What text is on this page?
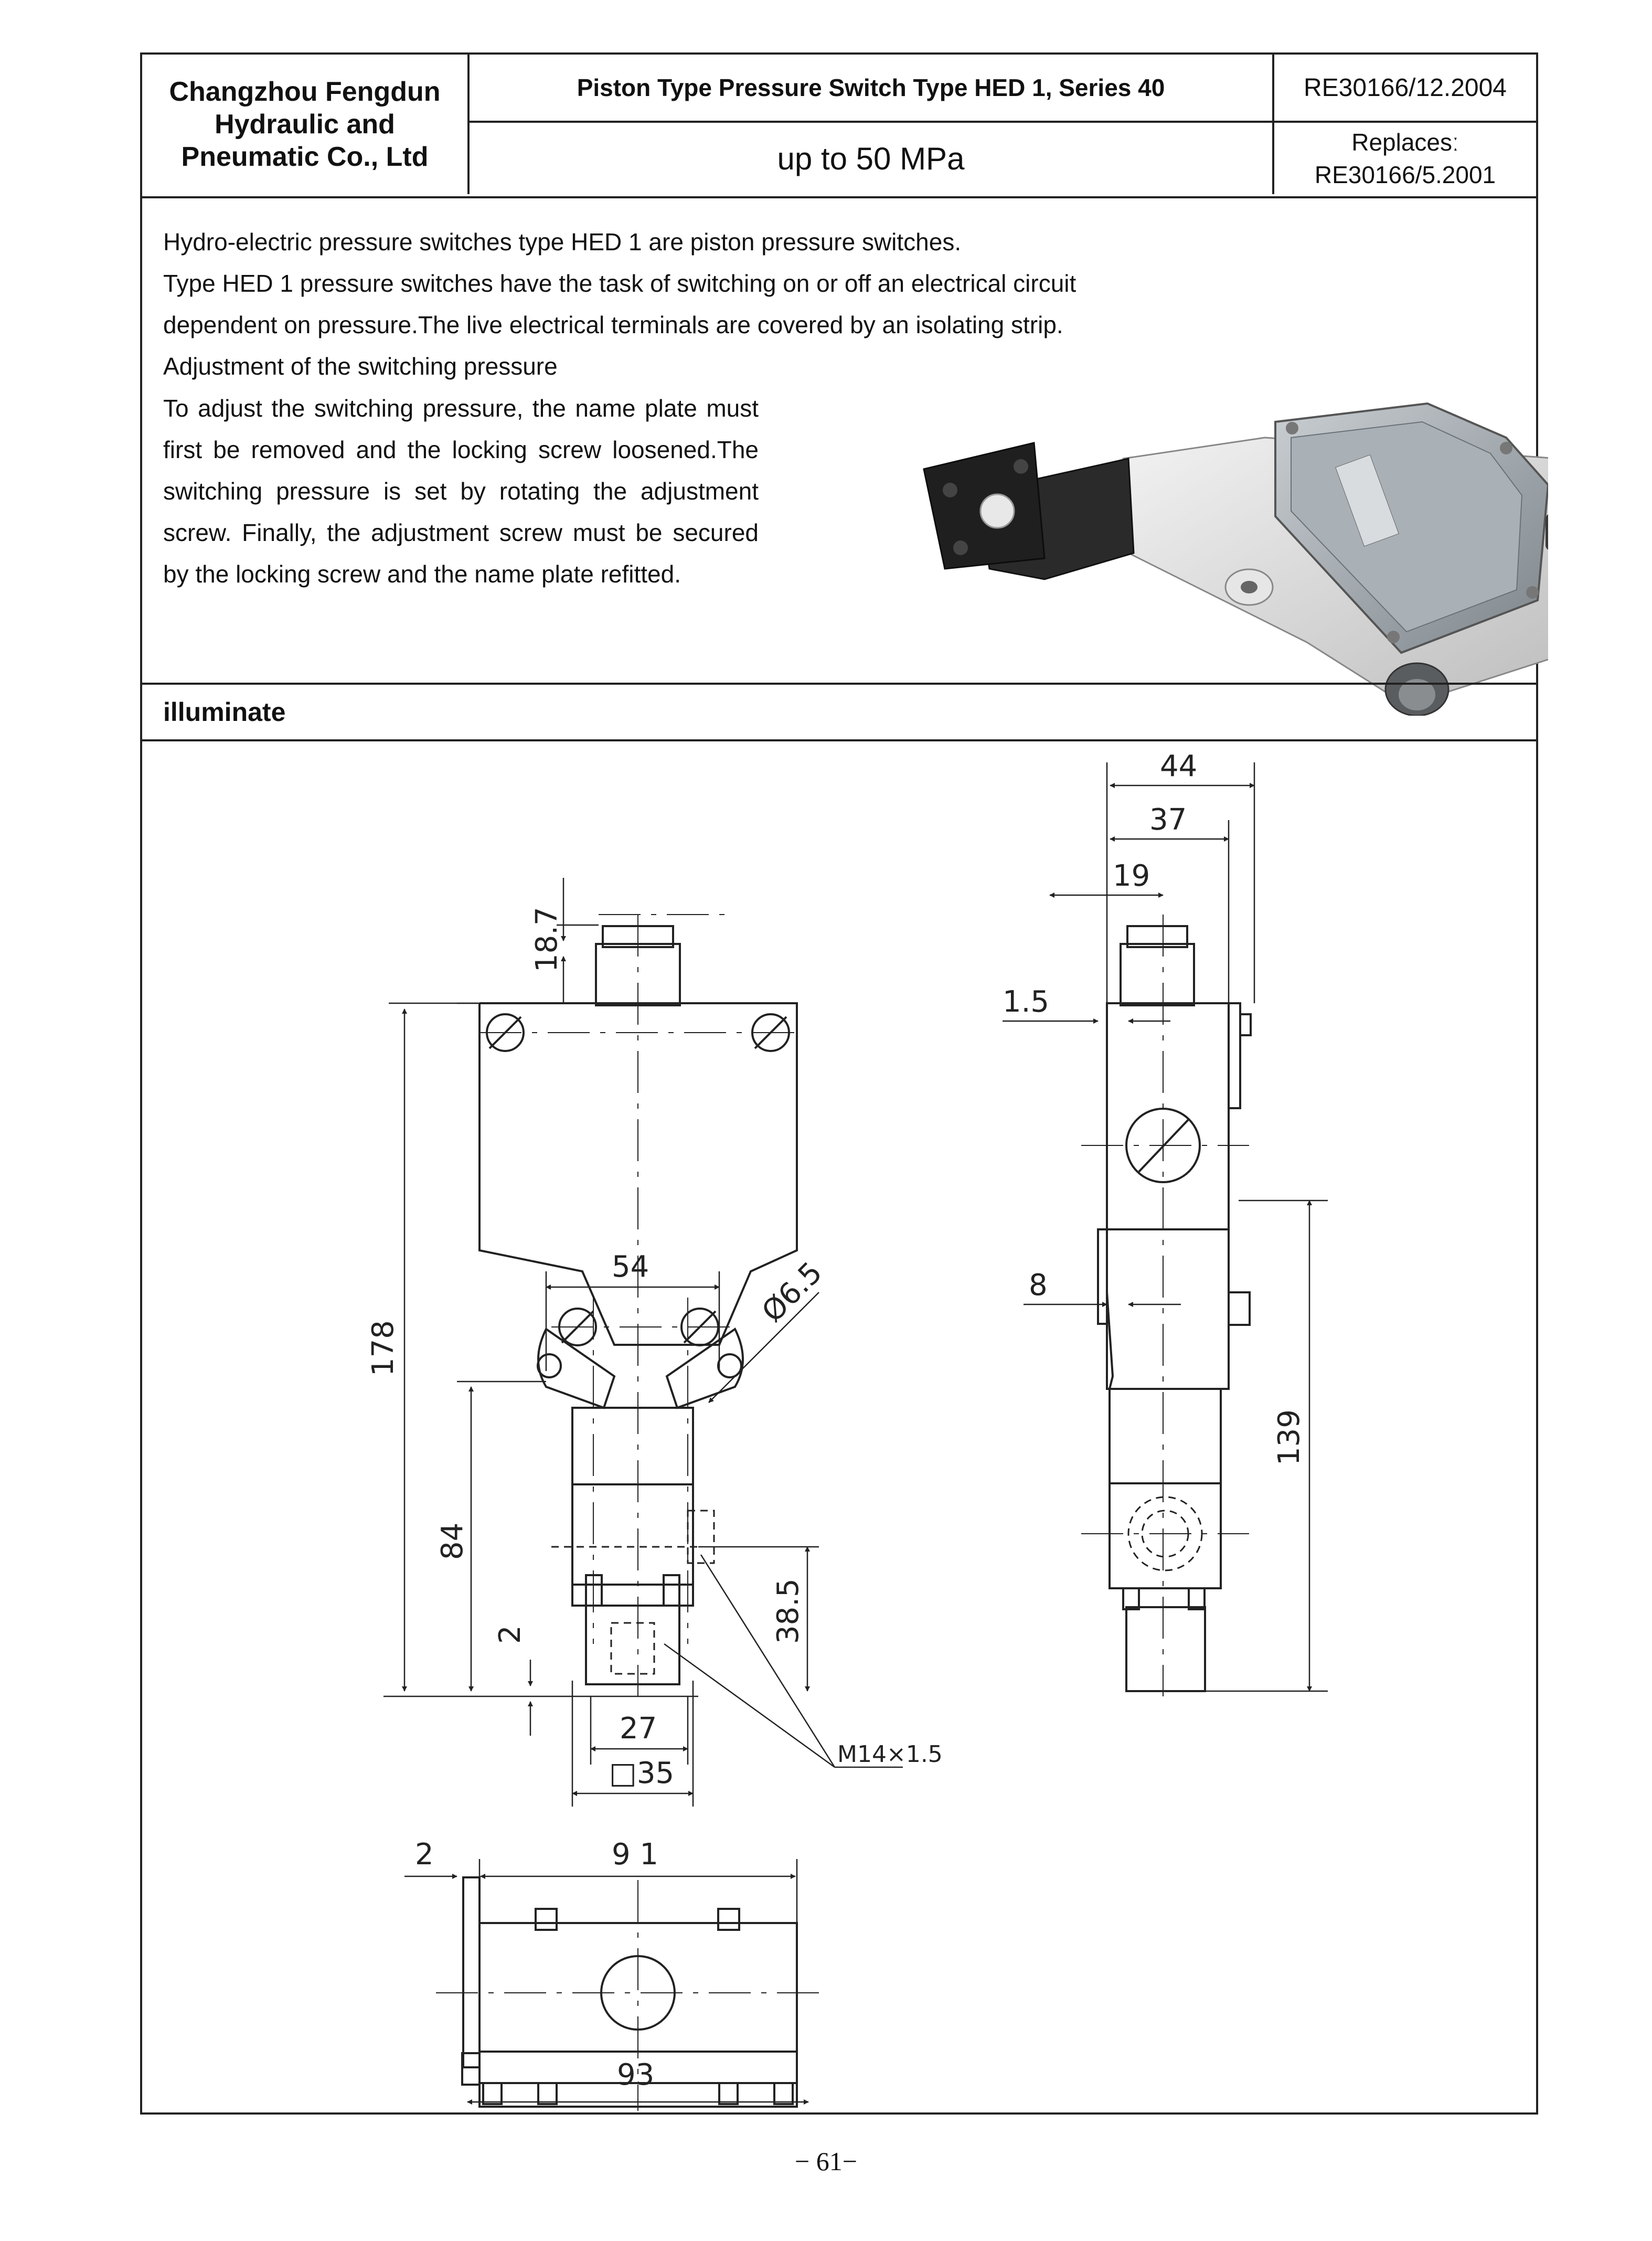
Changzhou Fengdun
Hydraulic and
Pneumatic Co., Ltd
Piston Type Pressure Switch Type HED 1, Series 40
up to 50 MPa
RE30166/12.2004
Replacesː
RE30166/5.2001

Hydro-electric pressure switches type HED 1 are piston pressure switches.

Type HED 1 pressure switches have the task of switching on or off an electrical circuit

dependent on pressure.The live electrical terminals are covered by an isolating strip.

Adjustment of the switching pressure
To adjust the switching pressure, the name plate must first be removed and the locking screw loosened.The switching pressure is set by rotating the adjustment screw. Finally, the adjustment screw must be secured by the locking screw and the name plate refitted.
illuminate
18.7
178
54	Ø6.5
84
2	38.5
27
□35
M14×1.5
44
37
19
1.5
8
139
2	9 1
93
− 61−
